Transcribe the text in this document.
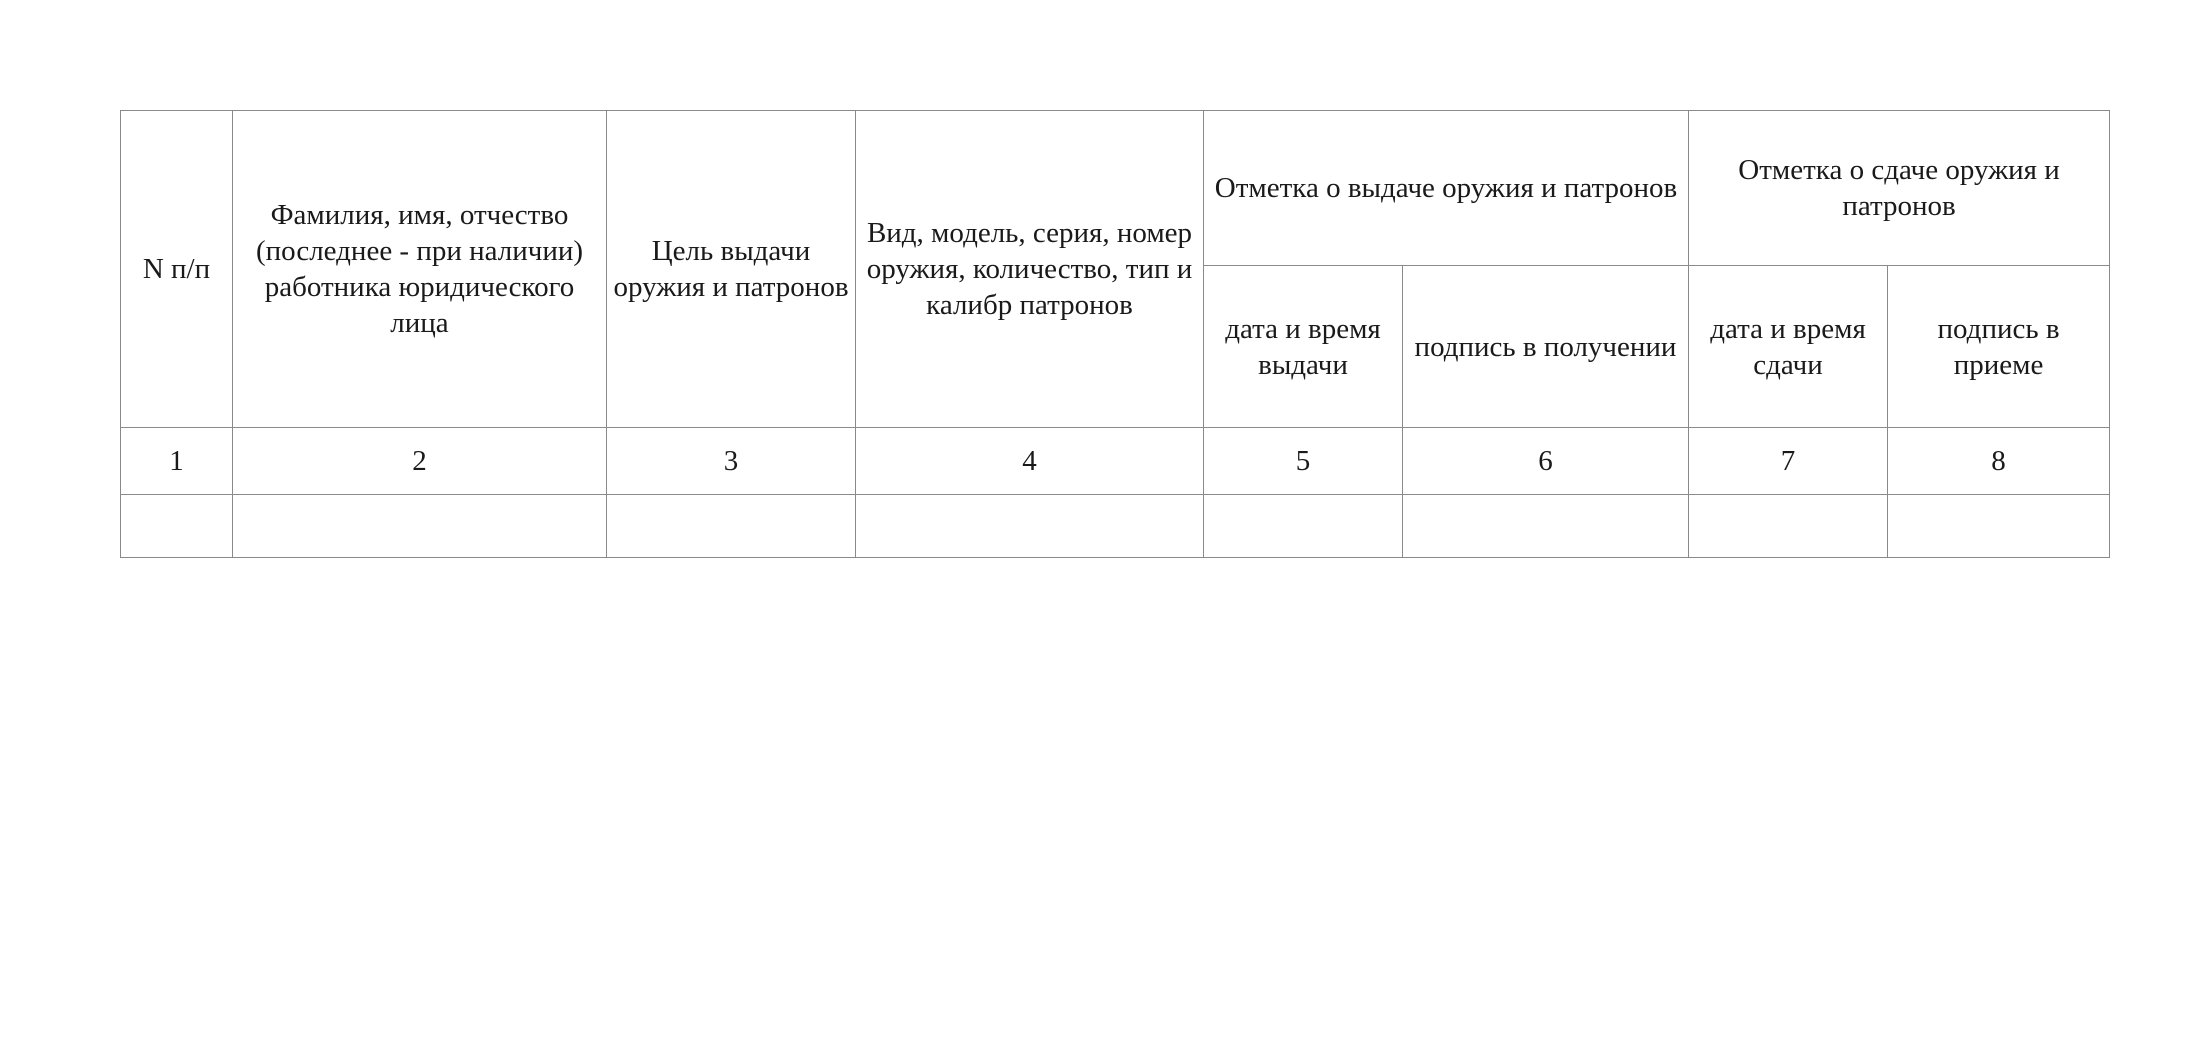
N п/п	Фамилия, имя, отчество (последнее - при наличии) работника юридического лица	Цель выдачи оружия и патронов	Вид, модель, серия, номер оружия, количество, тип и калибр патронов	Отметка о выдаче оружия и патронов		Отметка о сдаче оружия и патронов	

				дата и время выдачи	подпись в получении	дата и время сдачи	подпись в приеме

1	2	3	4	5	6	7	8
